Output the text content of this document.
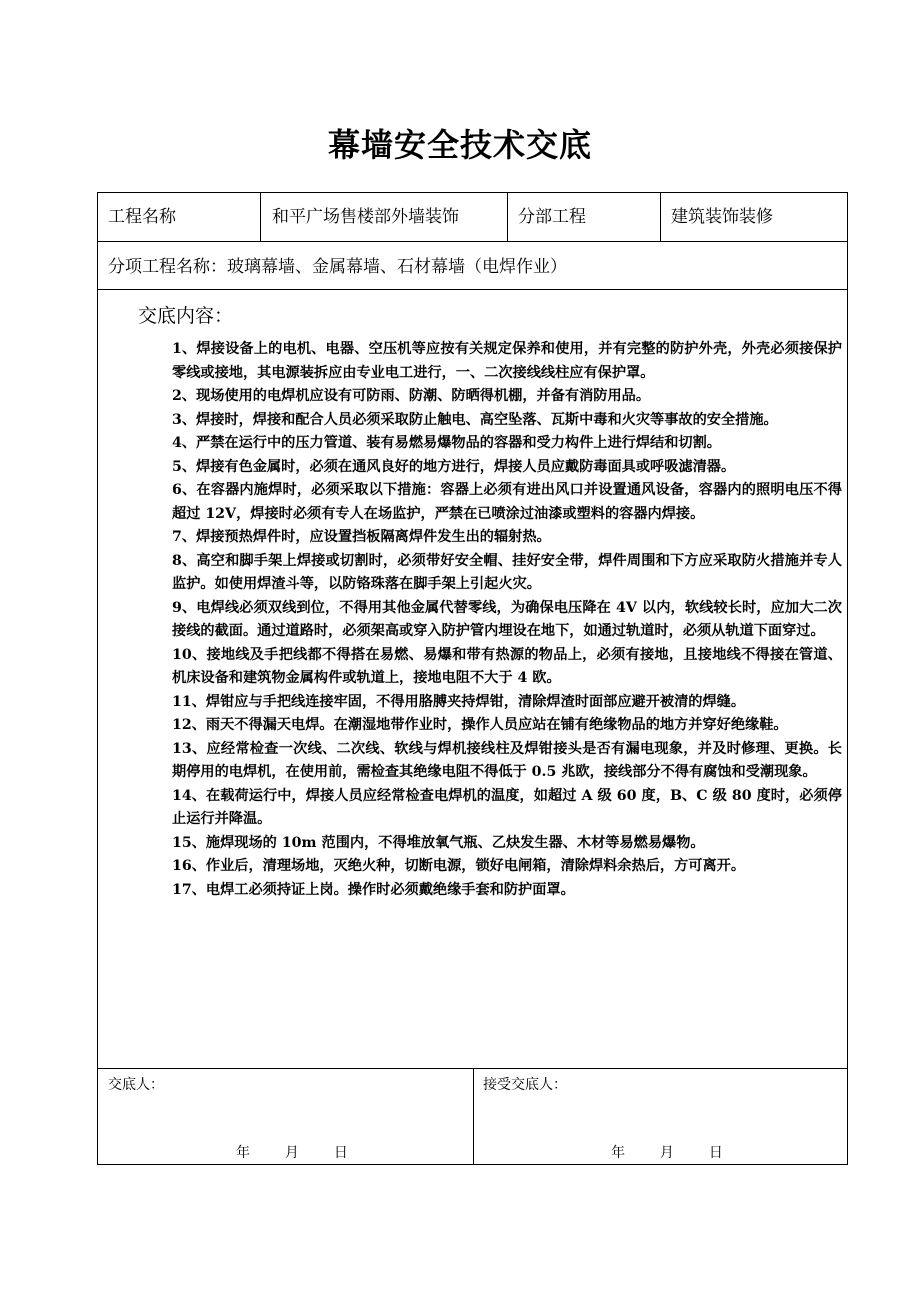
幕墙安全技术交底
工程名称	和平广场售楼部外墙装饰	分部工程	建筑装饰装修
分项工程名称：玻璃幕墙、金属幕墙、石材幕墙（电焊作业）
交底内容：
1、焊接设备上的电机、电器、空压机等应按有关规定保养和使用，并有完整的防护外壳，外壳必须接保护零线或接地，其电源装拆应由专业电工进行，一、二次接线线柱应有保护罩。
2、现场使用的电焊机应设有可防雨、防潮、防晒得机棚，并备有消防用品。
3、焊接时，焊接和配合人员必须采取防止触电、高空坠落、瓦斯中毒和火灾等事故的安全措施。
4、严禁在运行中的压力管道、装有易燃易爆物品的容器和受力构件上进行焊结和切割。
5、焊接有色金属时，必须在通风良好的地方进行，焊接人员应戴防毒面具或呼吸滤清器。
6、在容器内施焊时，必须采取以下措施：容器上必须有进出风口并设置通风设备，容器内的照明电压不得超过 12V，焊接时必须有专人在场监护，严禁在已喷涂过油漆或塑料的容器内焊接。
7、焊接预热焊件时，应设置挡板隔离焊件发生出的辐射热。
8、高空和脚手架上焊接或切割时，必须带好安全帽、挂好安全带，焊件周围和下方应采取防火措施并专人监护。如使用焊渣斗等，以防铬珠落在脚手架上引起火灾。
9、电焊线必须双线到位，不得用其他金属代替零线，为确保电压降在 4V 以内，软线较长时，应加大二次接线的截面。通过道路时，必须架高或穿入防护管内埋设在地下，如通过轨道时，必须从轨道下面穿过。
10、接地线及手把线都不得搭在易燃、易爆和带有热源的物品上，必须有接地，且接地线不得接在管道、机床设备和建筑物金属构件或轨道上，接地电阻不大于 4 欧。
11、焊钳应与手把线连接牢固，不得用胳膊夹持焊钳，清除焊渣时面部应避开被清的焊缝。
12、雨天不得漏天电焊。在潮湿地带作业时，操作人员应站在铺有绝缘物品的地方并穿好绝缘鞋。
13、应经常检查一次线、二次线、软线与焊机接线柱及焊钳接头是否有漏电现象，并及时修理、更换。长期停用的电焊机，在使用前，需检查其绝缘电阻不得低于 0.5 兆欧，接线部分不得有腐蚀和受潮现象。
14、在载荷运行中，焊接人员应经常检查电焊机的温度，如超过 A 级 60 度，B、C 级 80 度时，必须停止运行并降温。
15、施焊现场的 10m 范围内，不得堆放氧气瓶、乙炔发生器、木材等易燃易爆物。
16、作业后，清理场地，灭绝火种，切断电源，锁好电闸箱，清除焊料余热后，方可离开。
17、电焊工必须持证上岗。操作时必须戴绝缘手套和防护面罩。
交底人：	接受交底人：
年 月 日	年 月 日
